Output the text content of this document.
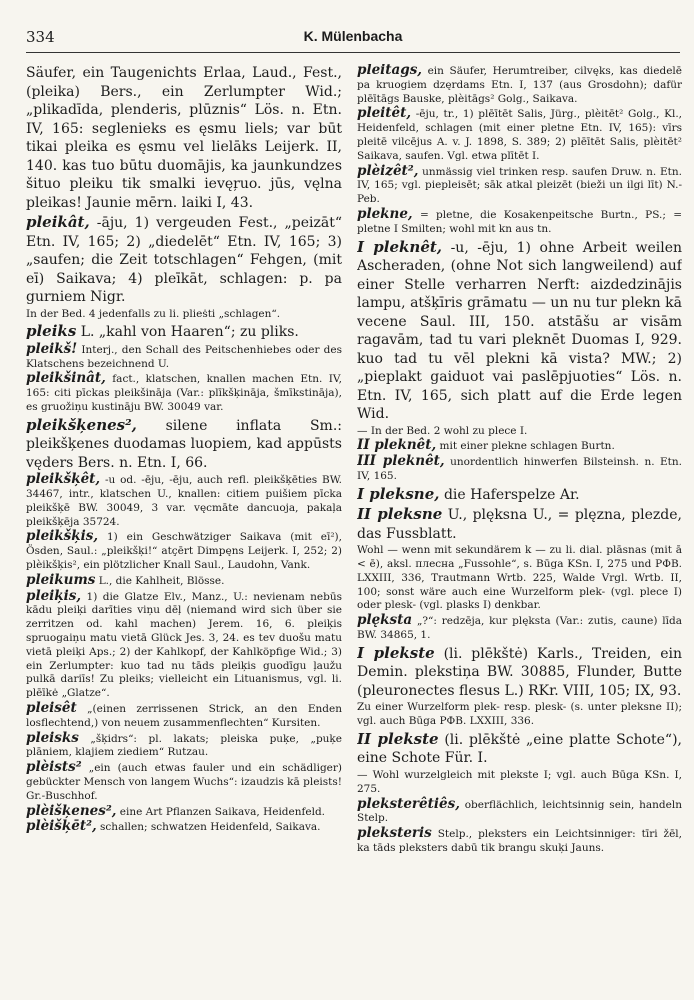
334	K. Mülenbacha

Säufer, ein Taugenichts Erlaa, Laud., Fest., (pleika) Bers., ein Zerlumpter Wid.; „plikadīda, plenderis, plūznis“ Lös. n. Etn. IV, 165: seglenieks es ęsmu liels; var būt tikai pleika es ęsmu vel lielāks Leijerk. II, 140. kas tuo būtu duomājis, ka jaunkundzes šituo pleiku tik smalki ievęŗuo. jūs, vęlna pleikas! Jaunie mērn. laiki I, 43.

pleikât, -āju, 1) vergeuden Fest., „peizāt“ Etn. IV, 165; 2) „diedelēt“ Etn. IV, 165; 3) „saufen; die Zeit totschlagen“ Fehgen, (mit eī) Saikava; 4) pleīkāt, schlagen: p. pa gurniem Nigr.

In der Bed. 4 jedenfalls zu li. plieṡti „schlagen“.

pleiks L. „kahl von Haaren“; zu pliks.

pleikš! Interj., den Schall des Peitschenhiebes oder des Klatschens bezeichnend U.

pleikšinât, fact., klatschen, knallen machen Etn. IV, 165: citi pīckas pleikšināja (Var.: plīkšķināja, šmīkstināja), es gruožiņu kustināju BW. 30049 var.

pleikšķenes², silene inflata Sm.: pleikšķenes duodamas luopiem, kad appūsts vęders Bers. n. Etn. I, 66.

pleikšķêt, -u od. -ēju, -ēju, auch refl. pleikšķēties BW. 34467, intr., klatschen U., knallen: citiem puišiem pīcka pleikšķē BW. 30049, 3 var. vęcmāte dancuoja, pakaļa pleikšķēja 35724.

pleikšķis, 1) ein Geschwätziger Saikava (mit eī²), Ösden, Saul.: „pleikšķi!“ atçērt Dimpęns Leijerk. I, 252; 2) plèikšķis², ein plötzlicher Knall Saul., Laudohn, Vank.

pleikums L., die Kahlheit, Blösse.

pleiķis, 1) die Glatze Elv., Manz., U.: nevienam nebūs kādu pleiķi darīties viņu dēļ (niemand wird sich über sie zerritzen od. kahl machen) Jerem. 16, 6. pleiķis spruogaiņu matu vietā Glück Jes. 3, 24. es tev duošu matu vietā pleiķi Aps.; 2) der Kahlkopf, der Kahlköpfige Wid.; 3) ein Zerlumpter: kuo tad nu tāds pleiķis guodīgu ļaužu pulkā dariīs! Zu pleiks; vielleicht ein Lituanismus, vgl. li. plēīkė „Glatze“.

pleisêt „(einen zerrissenen Strick, an den Enden losflechtend,) von neuem zusammenflechten“ Kursiten.

pleisks „šķidrs“: pl. lakats; pleiska puķe, „puķe plāniem, klajiem ziediem“ Rutzau.

plèists² „ein (auch etwas fauler und ein schädliger) gebückter Mensch von langem Wuchs“: izaudzis kā pleists! Gr.-Buschhof.

plèišķenes², eine Art Pflanzen Saikava, Heidenfeld.

plèišķēt², schallen; schwatzen Heidenfeld, Saikava.

pleitags, ein Säufer, Herumtreiber, cilvęks, kas diedelē pa kruogiem dzęrdams Etn. I, 137 (aus Grosdohn); dafür plēītāgs Bauske, plèitāgs² Golg., Saikava.

pleitêt, -ēju, tr., 1) plēītēt Salis, Jürg., plèitēt² Golg., Kl., Heidenfeld, schlagen (mit einer pletne Etn. IV, 165): vīrs pleitē vilcējus A. v. J. 1898, S. 389; 2) plēītēt Salis, plèitēt² Saikava, saufen. Vgl. etwa plītēt I.

plèizêt², unmässig viel trinken resp. saufen Druw. n. Etn. IV, 165; vgl. piepleisēt; sāk atkal pleizēt (bieži un ilgi līt) N.-Peb.

plekne, = pletne, die Kosakenpeitsche Burtn., PS.; = pletne I Smilten; wohl mit kn aus tn.

I pleknêt, -u, -ēju, 1) ohne Arbeit weilen Ascheraden, (ohne Not sich langweilend) auf einer Stelle verharren Nerft: aizdedzinājis lampu, atšķīris grāmatu — un nu tur plekn kā vecene Saul. III, 150. atstāšu ar visām ragavām, tad tu vari pleknēt Duomas I, 929. kuo tad tu vēl plekni kā vista? MW.; 2) „pieplakt gaiduot vai paslēpjuoties“ Lös. n. Etn. IV, 165, sich platt auf die Erde legen Wid.

— In der Bed. 2 wohl zu plece I.

II pleknêt, mit einer plekne schlagen Burtn.

III pleknêt, unordentlich hinwerfen Bilsteinsh. n. Etn. IV, 165.

I pleksne, die Haferspelze Ar.

II pleksne U., plęksna U., = plęzna, plezde, das Fussblatt.

Wohl — wenn mit sekundärem k — zu li. dial. plāsnas (mit ā < ē), aksl. плесна „Fussohle“, s. Būga KSn. I, 275 und РФВ. LXXIII, 336, Trautmann Wrtb. 225, Walde Vrgl. Wrtb. II, 100; sonst wäre auch eine Wurzelform plek- (vgl. plece I) oder plesk- (vgl. plasks I) denkbar.

plęksta „?“: redzēja, kur plęksta (Var.: zutis, caune) līda BW. 34865, 1.

I plekste (li. plēkštė) Karls., Treiden, ein Demin. plekstiņa BW. 30885, Flunder, Butte (pleuronectes flesus L.) RKr. VIII, 105; IX, 93.

Zu einer Wurzelform plek- resp. plesk- (s. unter pleksne II); vgl. auch Būga РФВ. LXXIII, 336.

II plekste (li. plēkštė „eine platte Schote“), eine Schote Für. I.

— Wohl wurzelgleich mit plekste I; vgl. auch Būga KSn. I, 275.

pleksterêtiês, oberflächlich, leichtsinnig sein, handeln Stelp.

pleksteris Stelp., pleksters ein Leichtsinniger: tīri žēl, ka tāds pleksters dabū tik brangu skuķi Jauns.
